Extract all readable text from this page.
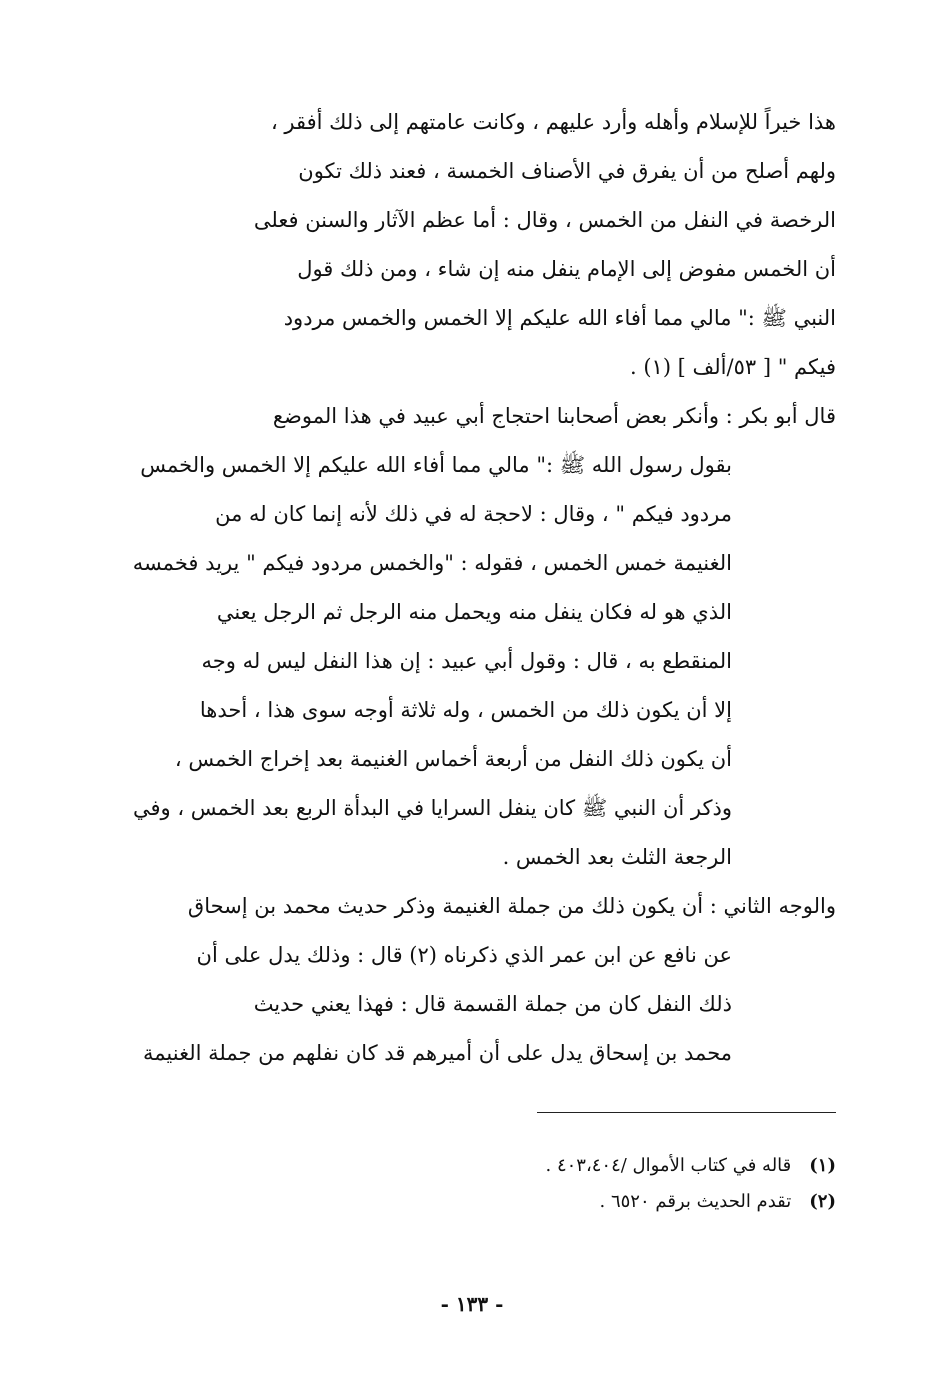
هذا خيراً للإسلام وأهله وأرد عليهم ، وكانت عامتهم إلى ذلك أفقر ،
ولهم أصلح من أن يفرق في الأصناف الخمسة ، فعند ذلك تكون
الرخصة في النفل من الخمس ، وقال : أما عظم الآثار والسنن فعلى
أن الخمس مفوض إلى الإمام ينفل منه إن شاء ، ومن ذلك قول
النبي ﷺ :" مالي مما أفاء الله عليكم إلا الخمس والخمس مردود
فيكم " [ ٥٣/ألف ] (١) .

قال أبو بكر : وأنكر بعض أصحابنا احتجاج أبي عبيد في هذا الموضع
بقول رسول الله ﷺ :" مالي مما أفاء الله عليكم إلا الخمس والخمس
مردود فيكم " ، وقال : لاحجة له في ذلك لأنه إنما كان له من
الغنيمة خمس الخمس ، فقوله : "والخمس مردود فيكم " يريد فخمسه
الذي هو له فكان ينفل منه ويحمل منه الرجل ثم الرجل يعني
المنقطع به ، قال : وقول أبي عبيد : إن هذا النفل ليس له وجه
إلا أن يكون ذلك من الخمس ، وله ثلاثة أوجه سوى هذا ، أحدها
أن يكون ذلك النفل من أربعة أخماس الغنيمة بعد إخراج الخمس ،
وذكر أن النبي ﷺ كان ينفل السرايا في البدأة الربع بعد الخمس ، وفي
الرجعة الثلث بعد الخمس .

والوجه الثاني : أن يكون ذلك من جملة الغنيمة وذكر حديث محمد بن إسحاق
عن نافع عن ابن عمر الذي ذكرناه (٢) قال : وذلك يدل على أن
ذلك النفل كان من جملة القسمة قال : فهذا يعني حديث
محمد بن إسحاق يدل على أن أميرهم قد كان نفلهم من جملة الغنيمة

(١)
قاله في كتاب الأموال /٤٠٣،٤٠٤ .
(٢)
تقدم الحديث برقم ٦٥٢٠ .
- ١٣٣ -
